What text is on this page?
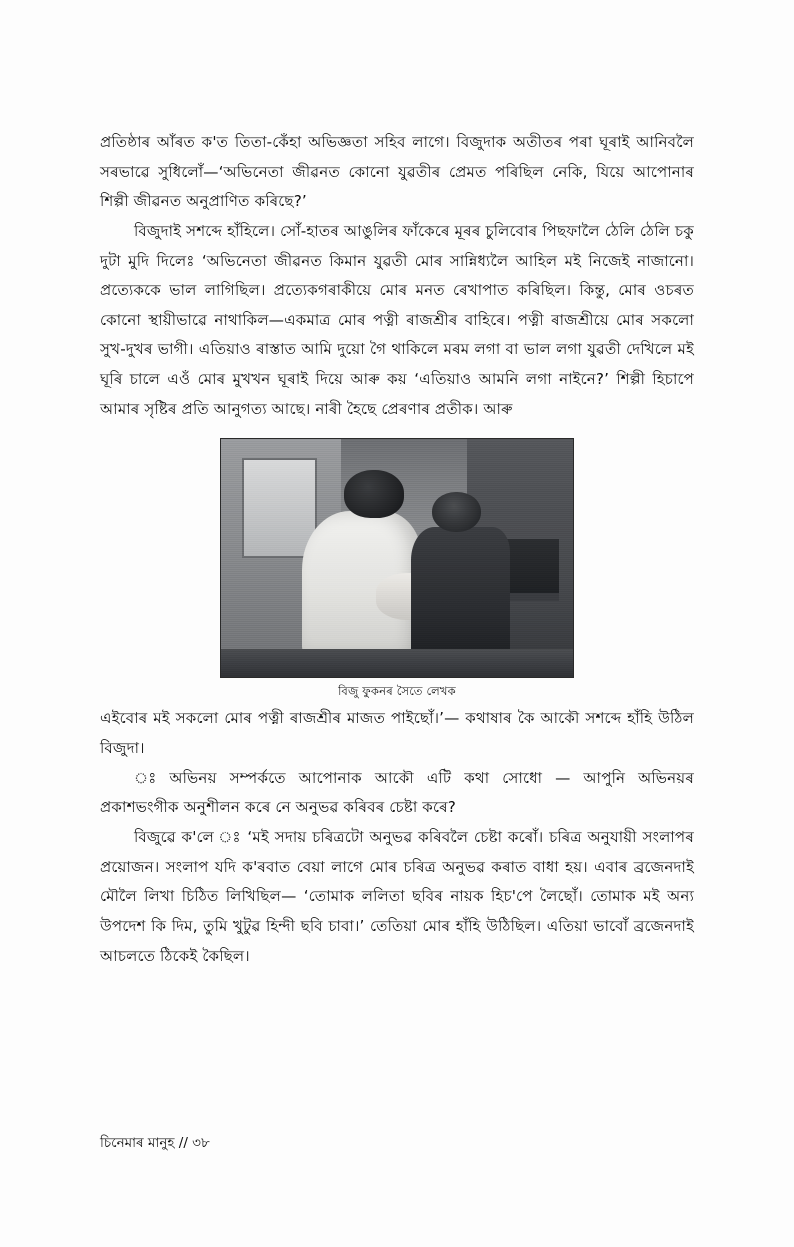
প্ৰতিষ্ঠাৰ আঁৰত ক'ত তিতা-কেঁহা অভিজ্ঞতা সহিব লাগে। বিজুদাক অতীতৰ পৰা ঘূৰাই আনিবলৈ সৰভাৱে সুধিলোঁ—‘অভিনেতা জীৱনত কোনো যুৱতীৰ প্ৰেমত পৰিছিল নেকি, যিয়ে আপোনাৰ শিল্পী জীৱনত অনুপ্ৰাণিত কৰিছে?’

বিজুদাই সশব্দে হাঁহিলে। সোঁ-হাতৰ আঙুলিৰ ফাঁকেৰে মূৰৰ চুলিবোৰ পিছফালৈ ঠেলি ঠেলি চকু দুটা মুদি দিলেঃ ‘অভিনেতা জীৱনত কিমান যুৱতী মোৰ সান্নিধ্যলৈ আহিল মই নিজেই নাজানো। প্ৰত্যেককে ভাল লাগিছিল। প্ৰত্যেকগৰাকীয়ে মোৰ মনত ৰেখাপাত কৰিছিল। কিন্তু, মোৰ ওচৰত কোনো স্থায়ীভাৱে নাথাকিল—একমাত্ৰ মোৰ পত্নী ৰাজশ্ৰীৰ বাহিৰে। পত্নী ৰাজশ্ৰীয়ে মোৰ সকলো সুখ-দুখৰ ভাগী। এতিয়াও ৰাস্তাত আমি দুয়ো গৈ থাকিলে মৰম লগা বা ভাল লগা যুৱতী দেখিলে মই ঘূৰি চালে এওঁ মোৰ মুখখন ঘূৰাই দিয়ে আৰু কয় ‘এতিয়াও আমনি লগা নাইনে?’ শিল্পী হিচাপে আমাৰ সৃষ্টিৰ প্ৰতি আনুগত্য আছে। নাৰী হৈছে প্ৰেৰণাৰ প্ৰতীক। আৰু

বিজু ফুকনৰ সৈতে লেখক

এইবোৰ মই সকলো মোৰ পত্নী ৰাজশ্ৰীৰ মাজত পাইছোঁ।’— কথাষাৰ কৈ আকৌ সশব্দে হাঁহি উঠিল বিজুদা।

ঃ অভিনয় সম্পৰ্কতে আপোনাক আকৌ এটি কথা সোধো — আপুনি অভিনয়ৰ প্ৰকাশভংগীক অনুশীলন কৰে নে অনুভৱ কৰিবৰ চেষ্টা কৰে?

বিজুৱে ক'লে ঃ ‘মই সদায় চৰিত্ৰটো অনুভৱ কৰিবলৈ চেষ্টা কৰোঁ। চৰিত্ৰ অনুযায়ী সংলাপৰ প্ৰয়োজন। সংলাপ যদি ক'ৰবাত বেয়া লাগে মোৰ চৰিত্ৰ অনুভৱ কৰাত বাধা হয়। এবাৰ ব্ৰজেনদাই মৌলৈ লিখা চিঠিত লিখিছিল— ‘তোমাক ললিতা ছবিৰ নায়ক হিচ'পে লৈছোঁ। তোমাক মই অন্য উপদেশ কি দিম, তুমি খুটুৱ হিন্দী ছবি চাবা।’ তেতিয়া মোৰ হাঁহি উঠিছিল। এতিয়া ভাবোঁ ব্ৰজেনদাই আচলতে ঠিকেই কৈছিল।

চিনেমাৰ মানুহ // ৩৮
